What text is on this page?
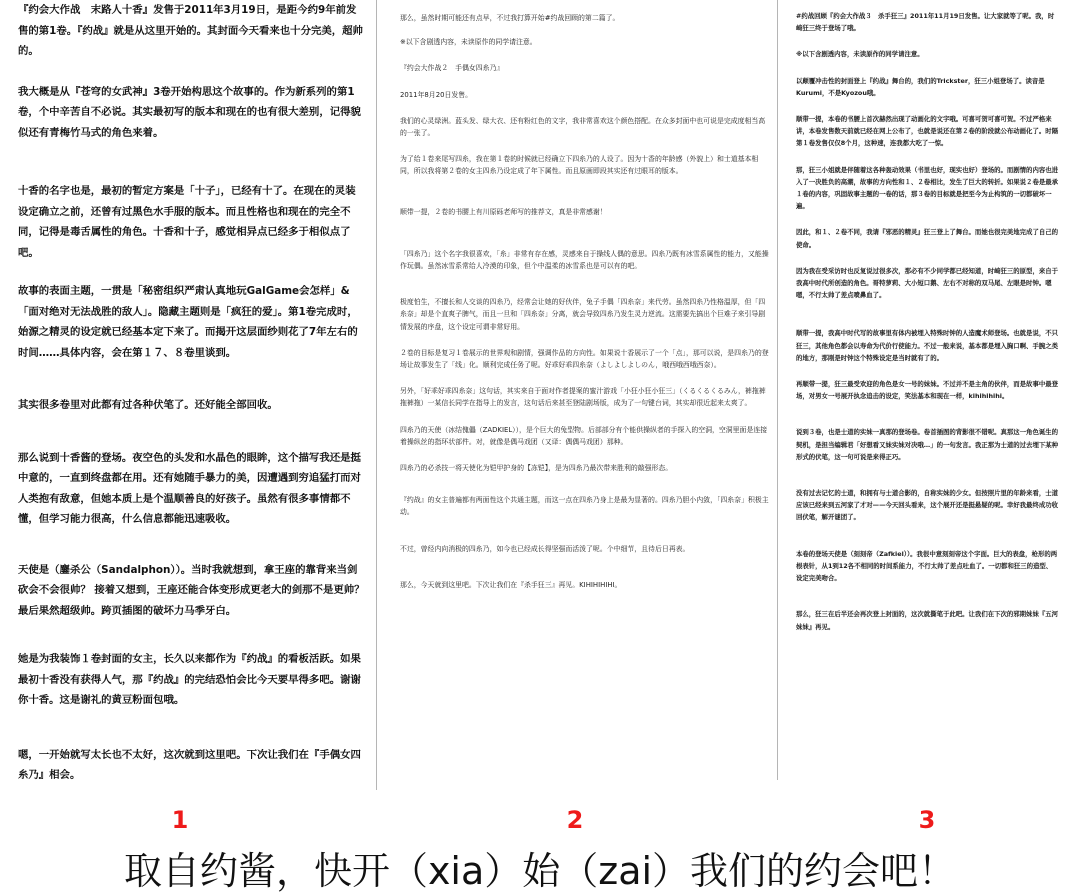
『约会大作战　末路人十香』发售于2011年3月19日，是距今约9年前发售的第1卷。『约战』就是从这里开始的。其封面今天看来也十分完美，超帅的。

我大概是从『苍穹的女武神』3卷开始构思这个故事的。作为新系列的第1卷，个中辛苦自不必说。其实最初写的版本和现在的也有很大差别，记得貌似还有青梅竹马式的角色来着。

十香的名字也是，最初的暂定方案是「十子」，已经有十了。在现在的灵装设定确立之前，还曾有过黑色水手服的版本。而且性格也和现在的完全不同，记得是毒舌属性的角色。十香和十子，感觉相异点已经多于相似点了吧。

故事的表面主题，一贯是「秘密组织严肃认真地玩GalGame会怎样」&「面对绝对无法战胜的敌人」。隐藏主题则是「疯狂的爱」。第1卷完成时，始源之精灵的设定就已经基本定下来了。而揭开这层面纱则花了7年左右的时间……具体内容，会在第１７、８卷里谈到。

其实很多卷里对此都有过各种伏笔了。还好能全部回收。

那么说到十香酱的登场。夜空色的头发和水晶色的眼眸，这个描写我还是挺中意的，一直到终盘都在用。还有她随手暴力的美，因遭遇到穷追猛打而对人类抱有敌意，但她本质上是个温顺善良的好孩子。虽然有很多事情都不懂，但学习能力很高，什么信息都能迅速吸收。

天使是（鏖杀公（Sandalphon））。当时我就想到，拿王座的靠背来当剑砍会不会很帅？ 接着又想到，王座还能合体变形成更老大的剑那不是更帅？ 最后果然超级帅。跨页插图的破坏力马季牙白。

她是为我装饰１卷封面的女主，长久以来都作为『约战』的看板活跃。如果最初十香没有获得人气，那『约战』的完结恐怕会比今天要早得多吧。谢谢你十香。这是谢礼的黄豆粉面包哦。

嗯，一开始就写太长也不太好，这次就到这里吧。下次让我们在『手偶女四糸乃』相会。

那么，虽然时期可能还有点早，不过我打算开始#约战回顾的第二篇了。

※以下含剧透内容，未读原作的同学请注意。

『约会大作战２　手偶女四糸乃』

2011年8月20日发售。

我们的心灵绿洲。蓝头发、绿大衣、还有粉红色的文字，我非常喜欢这个颜色搭配。在众多封面中也可说是完成度相当高的一张了。

为了给１卷来尾写四糸，我在第１卷的时候就已经确立下四糸乃的人设了。因为十香的年龄感（外貌上）和士道基本相同，所以我将第２卷的女主四糸乃设定成了年下属性。而且原画即段其实还有过眼耳的版本。

顺带一提，２卷的书腰上有川原砾老师写的推荐文，真是非常感谢！

「四糸乃」这个名字我很喜欢，「糸」非常有存在感，灵感来自于操线人偶的意思。四糸乃既有冰雪系属性的能力，又能操作玩偶。虽然冰雪系常给人冷漠的印象，但个中温柔的冰雪系也是可以有的吧。

极度怕生，不擅长和人交谈的四糸乃，经常会让她的好伙伴，兔子手偶「四糸奈」来代劳。虽然四糸乃性格温厚，但「四糸奈」却是个直爽子脾气，而且一旦和「四糸奈」分离，就会导致四糸乃发生灵力逆流。这需要先搞出个巨难子来引导剧情发展的序盘，这个设定可谓非常好用。

２卷的目标是复习１卷展示的世界观和剧情，强调作品的方向性。如果说十香展示了一个「点」，那可以说，是四糸乃的登场让故事发生了「线」化。顺利完成任务了呢。好乖好乖四糸奈（よしよしよしのん，哦西哦西哦西奈）。

另外，「好乖好乖四糸奈」这句话，其实来自于面对作者提案的蜜汁游戏「小狂小狂小狂三」（くるくるくるみん，裤拖裤拖裤拖）一某信长同学在指导上的发言，这句话后来甚至登陆剧场版，成为了一句键台词，其实却很近起来太爽了。

四糸乃的天使（冰结傀儡（ZADKIEL）），是个巨大的兔型物。后部部分有个能供操纵者的手探入的空洞，空洞里面是连接着操纵丝的指环状部件。对，就像是偶马戏团（又译：偶偶马戏团）那种。

四糸乃的必杀技一将天使化为铠甲护身的【冻铠】，是为四糸乃最次带来胜利的敲强形态。

『约战』的女主普遍都有两面性这个共通主题，而这一点在四糸乃身上是最为显著的。四糸乃胆小内敛，「四糸奈」积极主动。

不过，曾经内向消极的四糸乃，如今也已经成长得坚强而活泼了呢。个中细节，且待后日再表。

那么，今天就到这里吧。下次让我们在『杀手狂三』再见。KIHIHIHIHI。

#约战回顾『约会大作战３　杀手狂三』2011年11月19日发售。让大家就等了呢。我，时崎狂三终于登场了哦。

※以下含剧透内容，未读原作的同学请注意。

以颠覆冲击性的封面登上『约战』舞台的，我们的Trickster，狂三小姐登场了。读音是Kurumi，不是Kyozou哦。

顺带一提，本卷的书腰上首次赫然出现了动画化的文字哦。可喜可贺可喜可贺。不过严格来讲，本卷发售数天前就已经在网上公布了，也就是说还在第２卷的阶段就公布动画化了。时隔第１卷发售仅仅8个月，这种速，连我都大吃了一惊。

那，狂三小姐就是伴随着这各种轰动效果（书里也好，现实也好）登场的。而剧情的内容也进入了一决胜负的高潮，故事的方向性和１、２卷相比，发生了巨大的转折。如果说２卷是最承１卷的内容，巩固故事主题的一卷的话，那３卷的目标就是把至今为止构筑的一切都破坏一遍。

因此，和１、２卷不同，我请『邪恶的精灵』狂三登上了舞台。而她也很完美地完成了自己的使命。

因为我在受采访时也反复说过很多次，那必有不少同学都已经知道，时崎狂三的原型，来自于我高中时代所创造的角色。哥特萝莉、大小短口鹅、左右不对称的双马尾、左眼是时钟。嗯嗯，不行太帅了差点喷鼻血了。

顺带一提，我高中时代写的故事里有体内被埋入特殊时钟的人造魔术师登场。也就是说，不只狂三，其他角色都会以寿命为代价行使能力。不过一般来说，基本都是埋入胸口啊、手腕之类的地方，那刚是时钟这个特殊设定是当时就有了的。

再顺带一提，狂三最受欢迎的角色是女一号的妹妹。不过并不是主角的伙伴，而是故事中最登场，对男女一号展开执念追击的设定，笑法基本和现在一样，kihihihihi。

说到３卷，也是士道的实妹一真那的登场卷。卷首插图的背影很不错呢。真那这一角色诞生的契机，是担当编辑君「好想看又妹实妹对决哦…」的一句发言。我正那为士道的过去埋下某种形式的伏笔，这一句可说是来得正巧。

没有过去记忆的士道，和拥有与士道合影的，自称实妹的少女。但按照片里的年龄来看，士道应该已经来到五河家了才对——今天回头看来，这个展开还是挺悬疑的呢。幸好我最终成功收回伏笔，解开谜团了。

本卷的登场天使是（刻刻帝（Zafkiel））。我很中意刻刻帝这个字面。巨大的表盘，枪形的两根表针，从1到12各不相同的时间系能力，不行太帅了差点吐血了。一切都和狂三的造型、设定完美吻合。

那么，狂三在后半还会再次登上封面的，这次就撕笔于此吧。让我们在下次的邪期妹妹『五河妹妹』再见。

1	2	3
取自约酱，快开（xia）始（zai）我们的约会吧！
